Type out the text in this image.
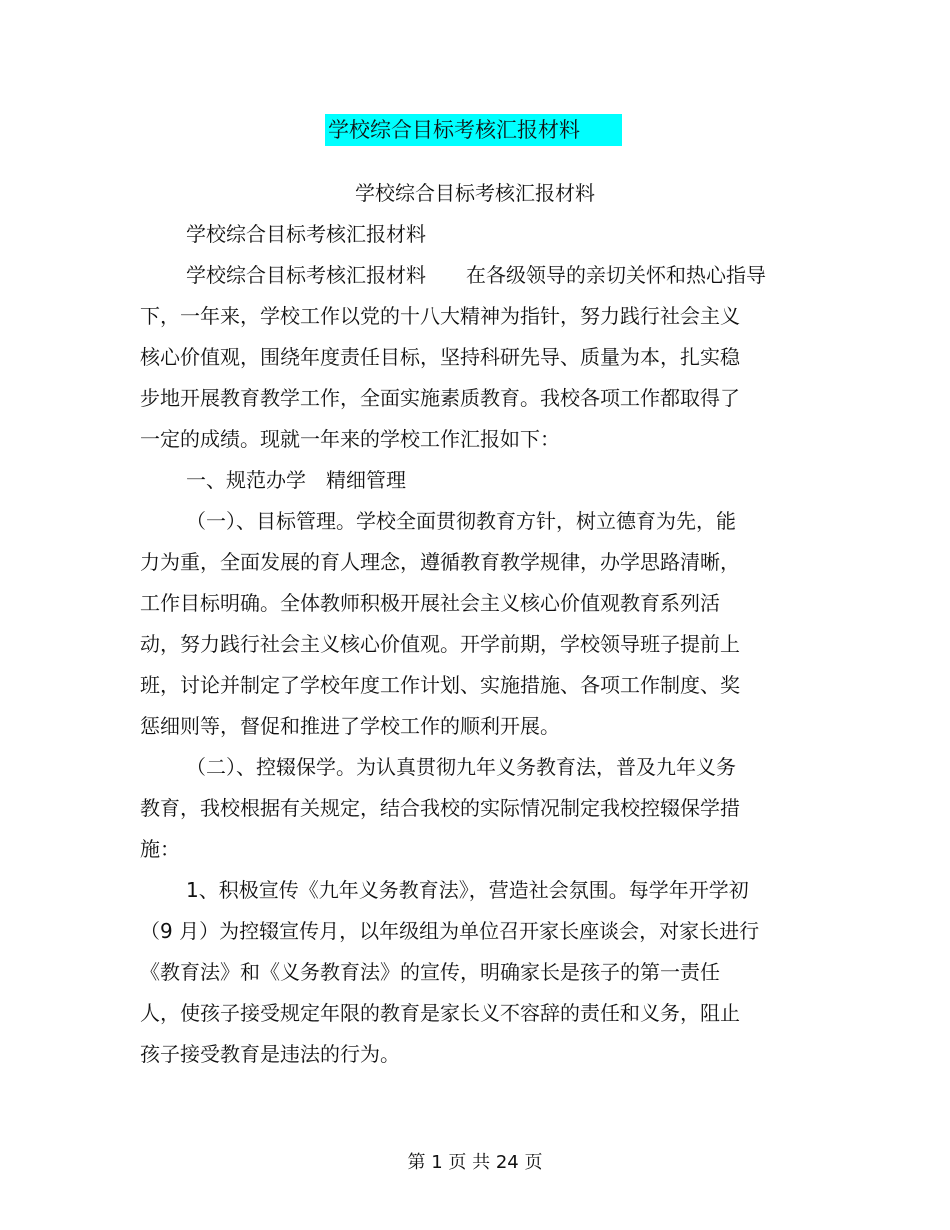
学校综合目标考核汇报材料
学校综合目标考核汇报材料

学校综合目标考核汇报材料

学校综合目标考核汇报材料 在各级领导的亲切关怀和热心指导

下，一年来，学校工作以党的十八大精神为指针，努力践行社会主义

核心价值观，围绕年度责任目标，坚持科研先导、质量为本，扎实稳

步地开展教育教学工作，全面实施素质教育。我校各项工作都取得了

一定的成绩。现就一年来的学校工作汇报如下：

一、规范办学　精细管理

（一）、目标管理。学校全面贯彻教育方针，树立德育为先，能

力为重，全面发展的育人理念，遵循教育教学规律，办学思路清晰，

工作目标明确。全体教师积极开展社会主义核心价值观教育系列活

动，努力践行社会主义核心价值观。开学前期，学校领导班子提前上

班，讨论并制定了学校年度工作计划、实施措施、各项工作制度、奖

惩细则等，督促和推进了学校工作的顺利开展。

（二）、控辍保学。为认真贯彻九年义务教育法，普及九年义务

教育，我校根据有关规定，结合我校的实际情况制定我校控辍保学措

施：

1、积极宣传《九年义务教育法》，营造社会氛围。每学年开学初

（9 月）为控辍宣传月，以年级组为单位召开家长座谈会，对家长进行

《教育法》和《义务教育法》的宣传，明确家长是孩子的第一责任

人，使孩子接受规定年限的教育是家长义不容辞的责任和义务，阻止

孩子接受教育是违法的行为。

第 1 页 共 24 页
